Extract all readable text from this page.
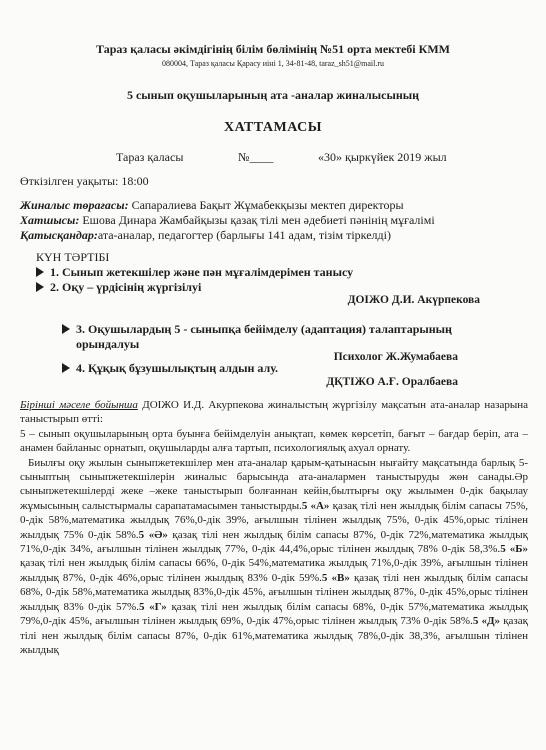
Тараз қаласы әкімдігінің білім бөлімінің №51 орта мектебі КММ
080004, Тараз қаласы Қарасу иіні 1, 34-81-48, taraz_sh51@mail.ru
5 сынып оқушыларының ата -аналар жиналысының
ХАТТАМАСЫ
Тараз қаласы	№____	«30» қыркүйек 2019 жыл
Өткізілген уақыты: 18:00
Жиналыс төрағасы: Сапаралиева Бақыт Жұмабекқызы мектеп директоры
Хатшысы: Ешова Динара Жамбайқызы қазақ тілі мен әдебиеті пәнінің мұғалімі
Қатысқандар:ата-аналар, педагогтер (барлығы 141 адам, тізім тіркелді)
КҮН ТӘРТІБІ
1. Сынып жетекшілер және пән мұғалімдерімен танысу
2. Оқу – үрдісінің жүргізілуі
ДОІЖО Д.И. Акүрпекова
3. Оқушылардың 5 - сыныпқа бейімделу (адаптация) талаптарының
орындалуы
Психолог Ж.Жумабаева
4. Құқық бұзушылықтың алдын алу.
ДҚТІЖО А.Ғ. Оралбаева

Бірінші мәселе бойынша ДОІЖО И.Д. Акурпекова жиналыстың жүргізілу мақсатын ата-аналар назарына таныстырып өтті:

5 – сынып оқушыларының орта буынға бейімделуін анықтап, көмек көрсетіп, бағыт – бағдар беріп, ата – анамен байланыс орнатып, оқушыларды алға тартып, психологиялық ахуал орнату.

Биылғы оқу жылын сыныпжетекшілер мен ата-аналар қарым-қатынасын нығайту мақсатында барлық 5-сыныптың сыныпжетекшілерін жиналыс барысында ата-аналармен таныстыруды жөн санады.Әр сыныпжетекшілерді жеке –жеке таныстырып болғаннан кейін,былтырғы оқу жылымен 0-дік бақылау жұмысының салыстырмалы сарапатамасымен таныстырды.5 «А» қазақ тілі нен жылдық білім сапасы 75%, 0-дік 58%,математика жылдық 76%,0-дік 39%, ағылшын тілінен жылдық 75%, 0-дік 45%,орыс тілінен жылдық 75% 0-дік 58%.5 «Ә» қазақ тілі нен жылдық білім сапасы 87%, 0-дік 72%,математика жылдық 71%,0-дік 34%, ағылшын тілінен жылдық 77%, 0-дік 44,4%,орыс тілінен жылдық 78% 0-дік 58,3%.5 «Б» қазақ тілі нен жылдық білім сапасы 66%, 0-дік 54%,математика жылдық 71%,0-дік 39%, ағылшын тілінен жылдық 87%, 0-дік 46%,орыс тілінен жылдық 83% 0-дік 59%.5 «В» қазақ тілі нен жылдық білім сапасы 68%, 0-дік 58%,математика жылдық 83%,0-дік 45%, ағылшын тілінен жылдық 87%, 0-дік 45%,орыс тілінен жылдық 83% 0-дік 57%.5 «Г» қазақ тілі нен жылдық білім сапасы 68%, 0-дік 57%,математика жылдық 79%,0-дік 45%, ағылшын тілінен жылдық 69%, 0-дік 47%,орыс тілінен жылдық 73% 0-дік 58%.5 «Д» қазақ тілі нен жылдық білім сапасы 87%, 0-дік 61%,математика жылдық 78%,0-дік 38,3%, ағылшын тілінен жылдық
